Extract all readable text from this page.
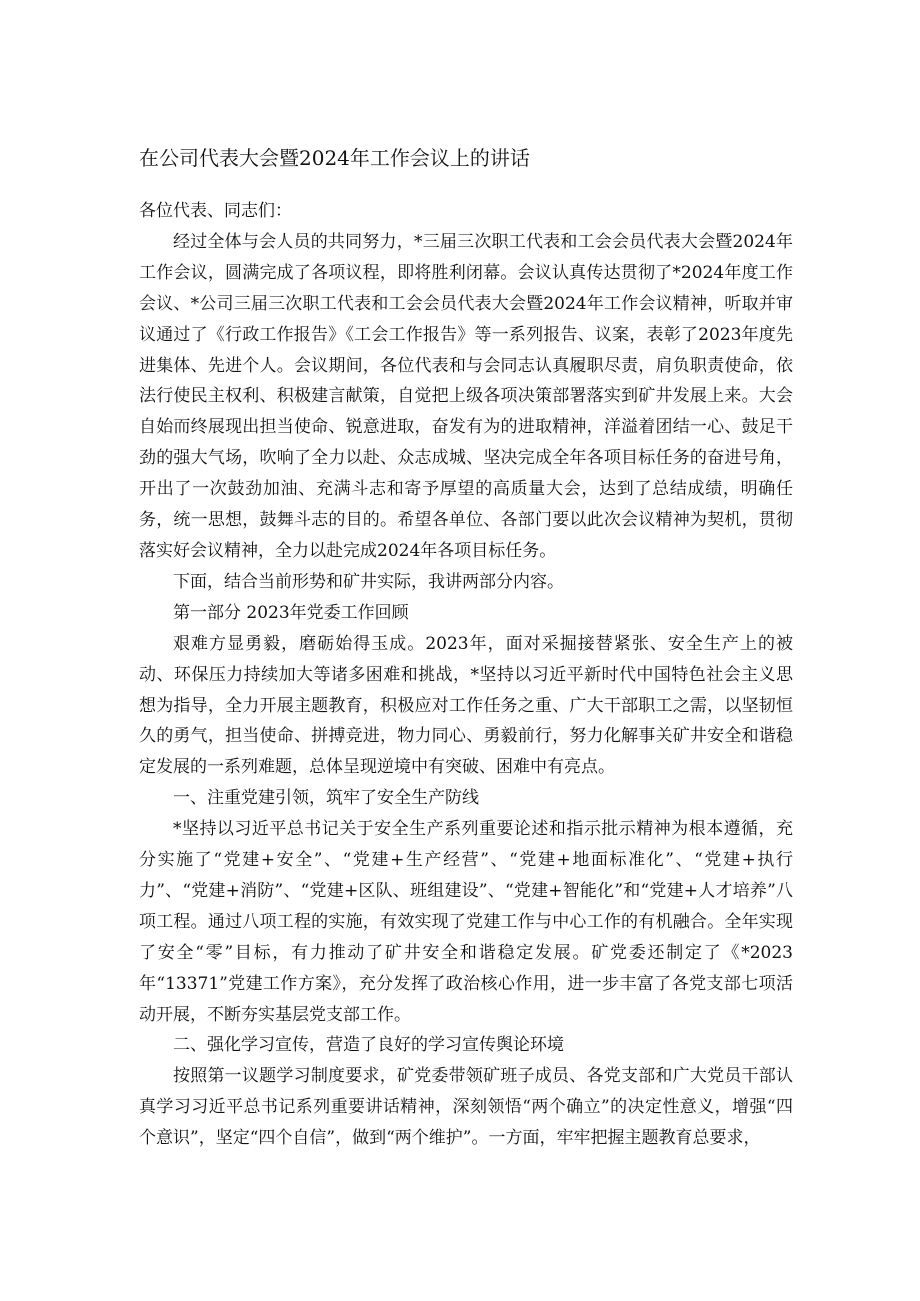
在公司代表大会暨2024年工作会议上的讲话

各位代表、同志们：

经过全体与会人员的共同努力，*三届三次职工代表和工会会员代表大会暨2024年工作会议，圆满完成了各项议程，即将胜利闭幕。会议认真传达贯彻了*2024年度工作会议、*公司三届三次职工代表和工会会员代表大会暨2024年工作会议精神，听取并审议通过了《行政工作报告》《工会工作报告》等一系列报告、议案，表彰了2023年度先进集体、先进个人。会议期间，各位代表和与会同志认真履职尽责，肩负职责使命，依法行使民主权利、积极建言献策，自觉把上级各项决策部署落实到矿井发展上来。大会自始而终展现出担当使命、锐意进取，奋发有为的进取精神，洋溢着团结一心、鼓足干劲的强大气场，吹响了全力以赴、众志成城、坚决完成全年各项目标任务的奋进号角，开出了一次鼓劲加油、充满斗志和寄予厚望的高质量大会，达到了总结成绩，明确任务，统一思想，鼓舞斗志的目的。希望各单位、各部门要以此次会议精神为契机，贯彻落实好会议精神，全力以赴完成2024年各项目标任务。

下面，结合当前形势和矿井实际，我讲两部分内容。

第一部分 2023年党委工作回顾

艰难方显勇毅，磨砺始得玉成。2023年，面对采掘接替紧张、安全生产上的被动、环保压力持续加大等诸多困难和挑战，*坚持以习近平新时代中国特色社会主义思想为指导，全力开展主题教育，积极应对工作任务之重、广大干部职工之需，以坚韧恒久的勇气，担当使命、拼搏竞进，物力同心、勇毅前行，努力化解事关矿井安全和谐稳定发展的一系列难题，总体呈现逆境中有突破、困难中有亮点。

一、注重党建引领，筑牢了安全生产防线

*坚持以习近平总书记关于安全生产系列重要论述和指示批示精神为根本遵循，充分实施了“党建+安全”、“党建+生产经营”、“党建+地面标准化”、“党建+执行力”、“党建+消防”、“党建+区队、班组建设”、“党建+智能化”和“党建+人才培养”八项工程。通过八项工程的实施，有效实现了党建工作与中心工作的有机融合。全年实现了安全“零”目标，有力推动了矿井安全和谐稳定发展。矿党委还制定了《*2023年“13371”党建工作方案》，充分发挥了政治核心作用，进一步丰富了各党支部七项活动开展，不断夯实基层党支部工作。

二、强化学习宣传，营造了良好的学习宣传舆论环境

按照第一议题学习制度要求，矿党委带领矿班子成员、各党支部和广大党员干部认真学习习近平总书记系列重要讲话精神，深刻领悟“两个确立”的决定性意义，增强“四个意识”，坚定“四个自信”，做到“两个维护”。一方面，牢牢把握主题教育总要求，
